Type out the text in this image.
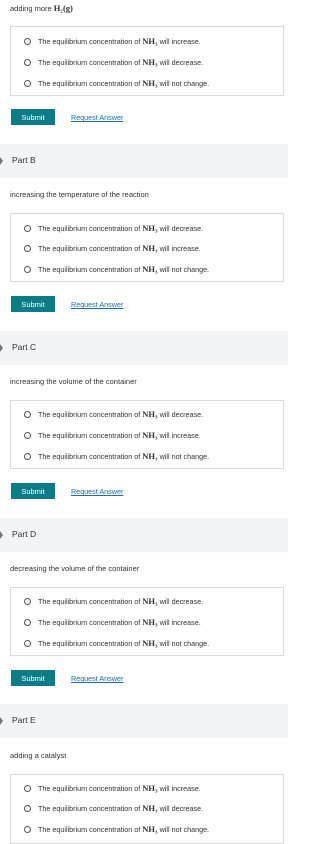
adding more H₂(g)
The equilibrium concentration of NH₃ will increase.
The equilibrium concentration of NH₃ will decrease.
The equilibrium concentration of NH₃ will not change.
Submit	Request Answer
Part B
increasing the temperature of the reaction
The equilibrium concentration of NH₃ will decrease.
The equilibrium concentration of NH₃ will increase.
The equilibrium concentration of NH₃ will not change.
Submit	Request Answer
Part C
increasing the volume of the container
The equilibrium concentration of NH₃ will decrease.
The equilibrium concentration of NH₃ will increase.
The equilibrium concentration of NH₃ will not change.
Submit	Request Answer
Part D
decreasing the volume of the container
The equilibrium concentration of NH₃ will decrease.
The equilibrium concentration of NH₃ will increase.
The equilibrium concentration of NH₃ will not change.
Submit	Request Answer
Part E
adding a catalyst
The equilibrium concentration of NH₃ will increase.
The equilibrium concentration of NH₃ will decrease.
The equilibrium concentration of NH₃ will not change.
